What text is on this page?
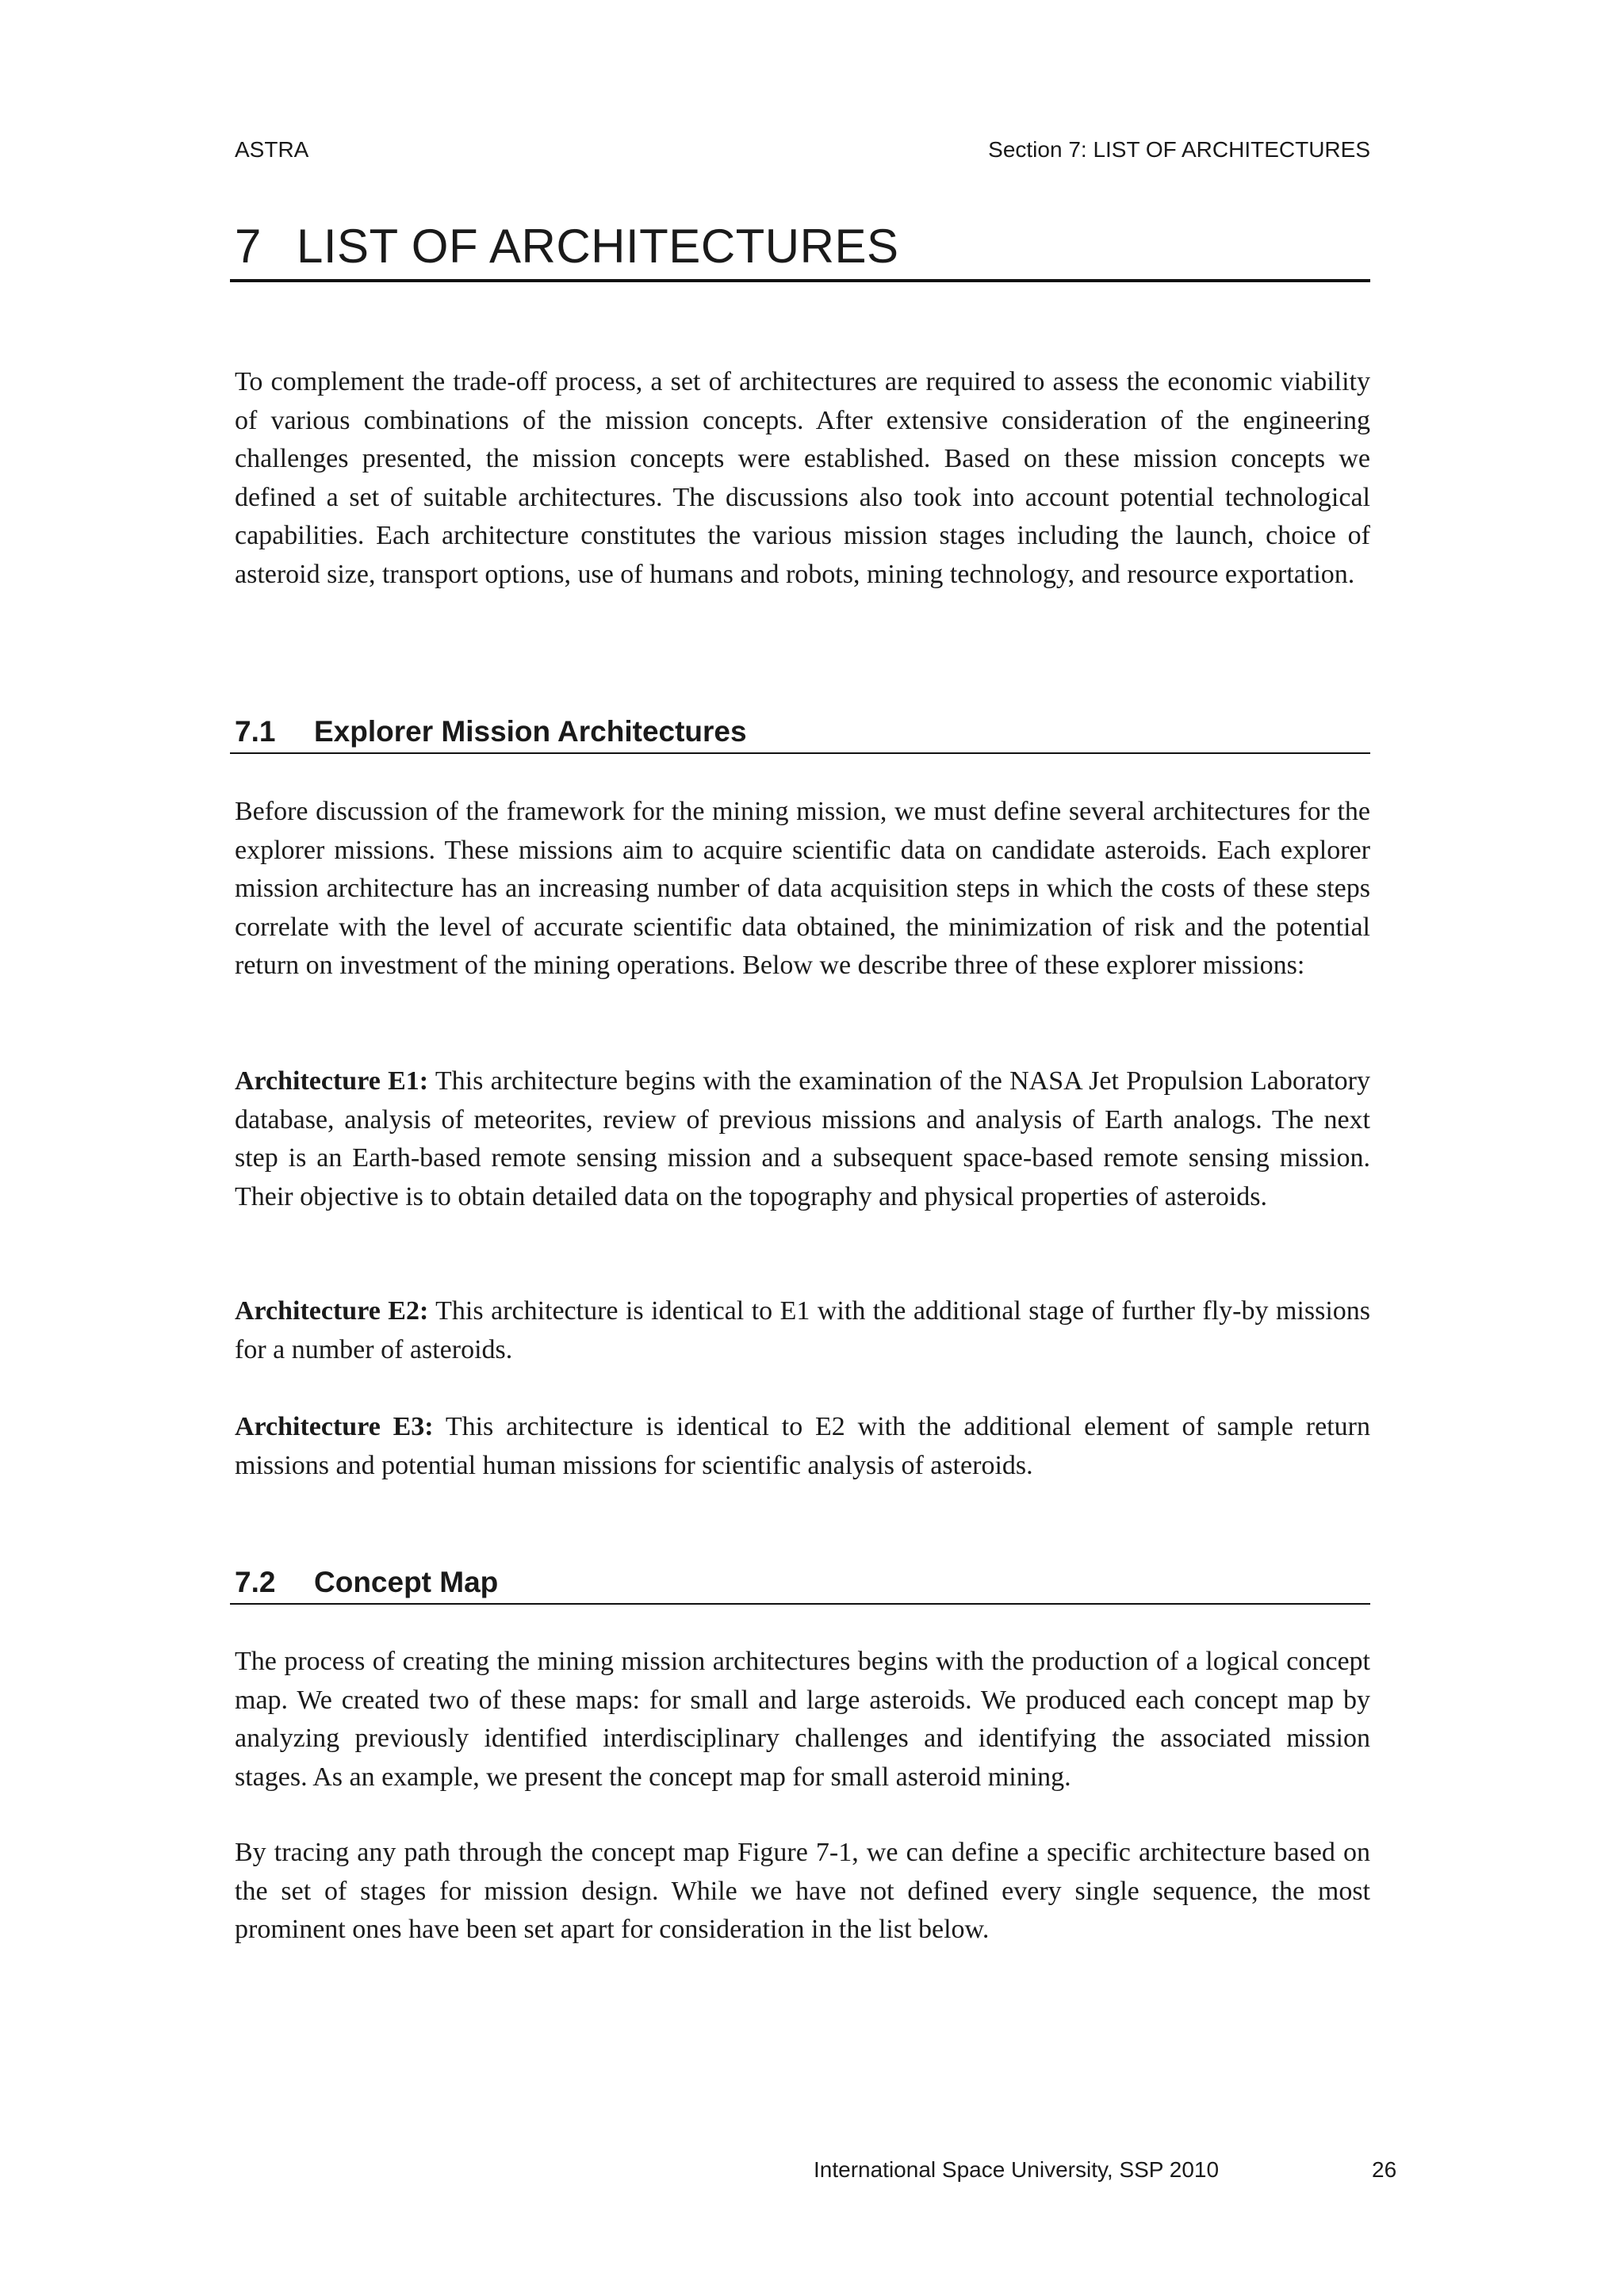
ASTRA	Section 7: LIST OF ARCHITECTURES
7 LIST OF ARCHITECTURES

To complement the trade-off process, a set of architectures are required to assess the economic viability of various combinations of the mission concepts. After extensive consideration of the engineering challenges presented, the mission concepts were established. Based on these mission concepts we defined a set of suitable architectures. The discussions also took into account potential technological capabilities. Each architecture constitutes the various mission stages including the launch, choice of asteroid size, transport options, use of humans and robots, mining technology, and resource exportation.

7.1 Explorer Mission Architectures

Before discussion of the framework for the mining mission, we must define several architectures for the explorer missions. These missions aim to acquire scientific data on candidate asteroids. Each explorer mission architecture has an increasing number of data acquisition steps in which the costs of these steps correlate with the level of accurate scientific data obtained, the minimization of risk and the potential return on investment of the mining operations. Below we describe three of these explorer missions:

Architecture E1: This architecture begins with the examination of the NASA Jet Propulsion Laboratory database, analysis of meteorites, review of previous missions and analysis of Earth analogs. The next step is an Earth-based remote sensing mission and a subsequent space-based remote sensing mission. Their objective is to obtain detailed data on the topography and physical properties of asteroids.

Architecture E2: This architecture is identical to E1 with the additional stage of further fly-by missions for a number of asteroids.

Architecture E3: This architecture is identical to E2 with the additional element of sample return missions and potential human missions for scientific analysis of asteroids.

7.2 Concept Map

The process of creating the mining mission architectures begins with the production of a logical concept map. We created two of these maps: for small and large asteroids. We produced each concept map by analyzing previously identified interdisciplinary challenges and identifying the associated mission stages. As an example, we present the concept map for small asteroid mining.

By tracing any path through the concept map Figure 7-1, we can define a specific architecture based on the set of stages for mission design. While we have not defined every single sequence, the most prominent ones have been set apart for consideration in the list below.

International Space University, SSP 2010	26
